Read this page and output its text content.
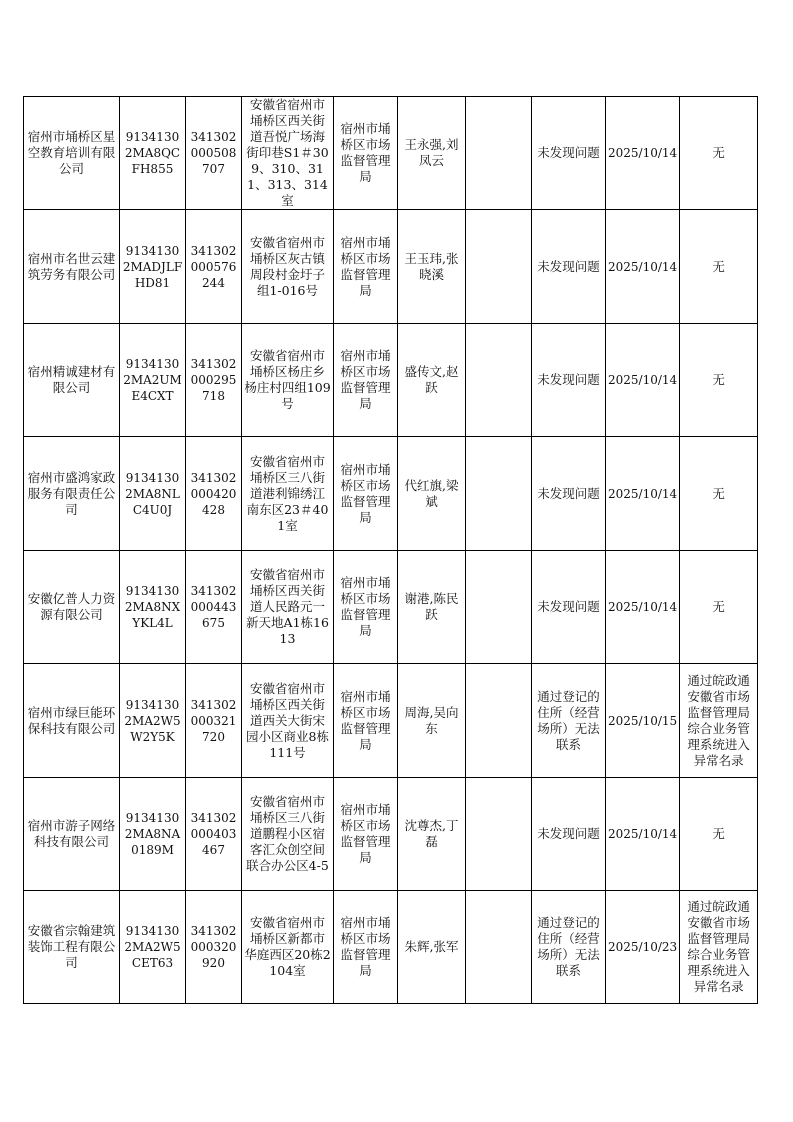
宿州市埇桥区星空教育培训有限公司	91341302MA8QCFH855	341302000508707	安徽省宿州市埇桥区西关街道吾悦广场海街印巷S1＃309、310、311、313、314室	宿州市埇桥区市场监督管理局	王永强,刘凤云		未发现问题	2025/10/14	无
宿州市名世云建筑劳务有限公司	91341302MADJLFHD81	341302000576244	安徽省宿州市埇桥区灰古镇周段村金圩子组1-016号	宿州市埇桥区市场监督管理局	王玉玮,张晓溪		未发现问题	2025/10/14	无
宿州精诚建材有限公司	91341302MA2UME4CXT	341302000295718	安徽省宿州市埇桥区杨庄乡杨庄村四组109号	宿州市埇桥区市场监督管理局	盛传文,赵跃		未发现问题	2025/10/14	无
宿州市盛鸿家政服务有限责任公司	91341302MA8NLC4U0J	341302000420428	安徽省宿州市埇桥区三八街道港利锦绣江南东区23＃401室	宿州市埇桥区市场监督管理局	代红旗,梁斌		未发现问题	2025/10/14	无
安徽亿普人力资源有限公司	91341302MA8NXYKL4L	341302000443675	安徽省宿州市埇桥区西关街道人民路元一新天地A1栋1613	宿州市埇桥区市场监督管理局	谢港,陈民跃		未发现问题	2025/10/14	无
宿州市绿巨能环保科技有限公司	91341302MA2W5W2Y5K	341302000321720	安徽省宿州市埇桥区西关街道西关大街宋园小区商业8栋111号	宿州市埇桥区市场监督管理局	周海,吴向东		通过登记的住所（经营场所）无法联系	2025/10/15	通过皖政通安徽省市场监督管理局综合业务管理系统进入异常名录
宿州市游子网络科技有限公司	91341302MA8NA0189M	341302000403467	安徽省宿州市埇桥区三八街道鹏程小区宿客汇众创空间联合办公区4-5	宿州市埇桥区市场监督管理局	沈尊杰,丁磊		未发现问题	2025/10/14	无
安徽省宗翰建筑装饰工程有限公司	91341302MA2W5CET63	341302000320920	安徽省宿州市埇桥区新都市华庭西区20栋2104室	宿州市埇桥区市场监督管理局	朱辉,张军		通过登记的住所（经营场所）无法联系	2025/10/23	通过皖政通安徽省市场监督管理局综合业务管理系统进入异常名录
